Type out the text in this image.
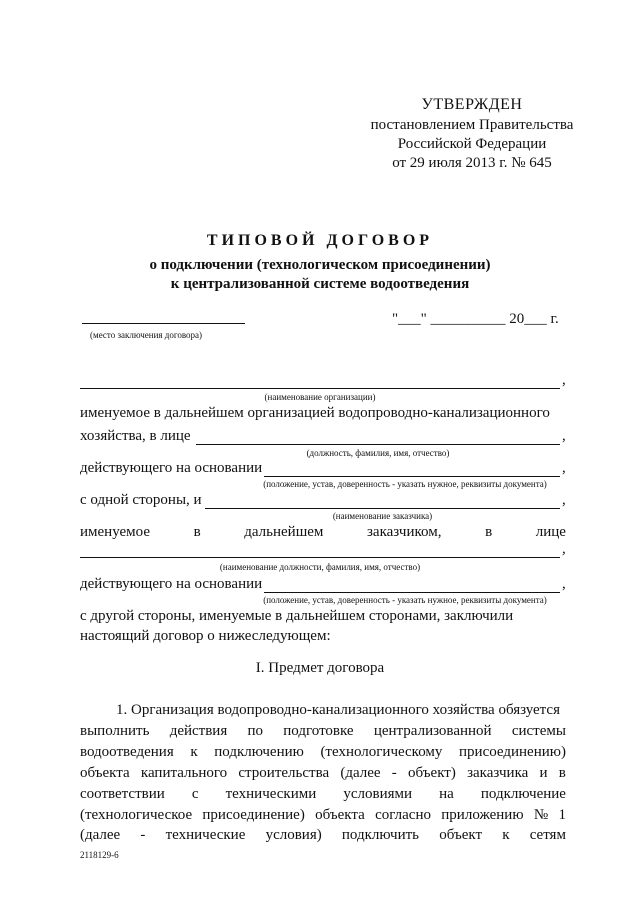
УТВЕРЖДЕН
постановлением Правительства
Российской Федерации
от 29 июля 2013 г. № 645
ТИПОВОЙ ДОГОВОР
о подключении (технологическом присоединении)
к централизованной системе водоотведения
(место заключения договора)
"___" __________ 20___ г.
,
(наименование организации)
именуемое в дальнейшем организацией водопроводно-канализационного
хозяйства, в лице	,
(должность, фамилия, имя, отчество)
действующего на основании	,
(положение, устав, доверенность - указать нужное, реквизиты документа)
с одной стороны, и	,
(наименование заказчика)
именуемое	в	дальнейшем	заказчиком,	в	лице
,
(наименование должности, фамилия, имя, отчество)
действующего на основании	,
(положение, устав, доверенность - указать нужное, реквизиты документа)
с другой стороны, именуемые в дальнейшем сторонами, заключили
настоящий договор о нижеследующем:
I. Предмет договора
1. Организация водопроводно-канализационного хозяйства обязуется
выполнить действия по подготовке централизованной системы
водоотведения к подключению (технологическому присоединению)
объекта капитального строительства (далее - объект) заказчика и в
соответствии с техническими условиями на подключение
(технологическое присоединение) объекта согласно приложению № 1
(далее - технические условия) подключить объект к сетям
2118129-6
